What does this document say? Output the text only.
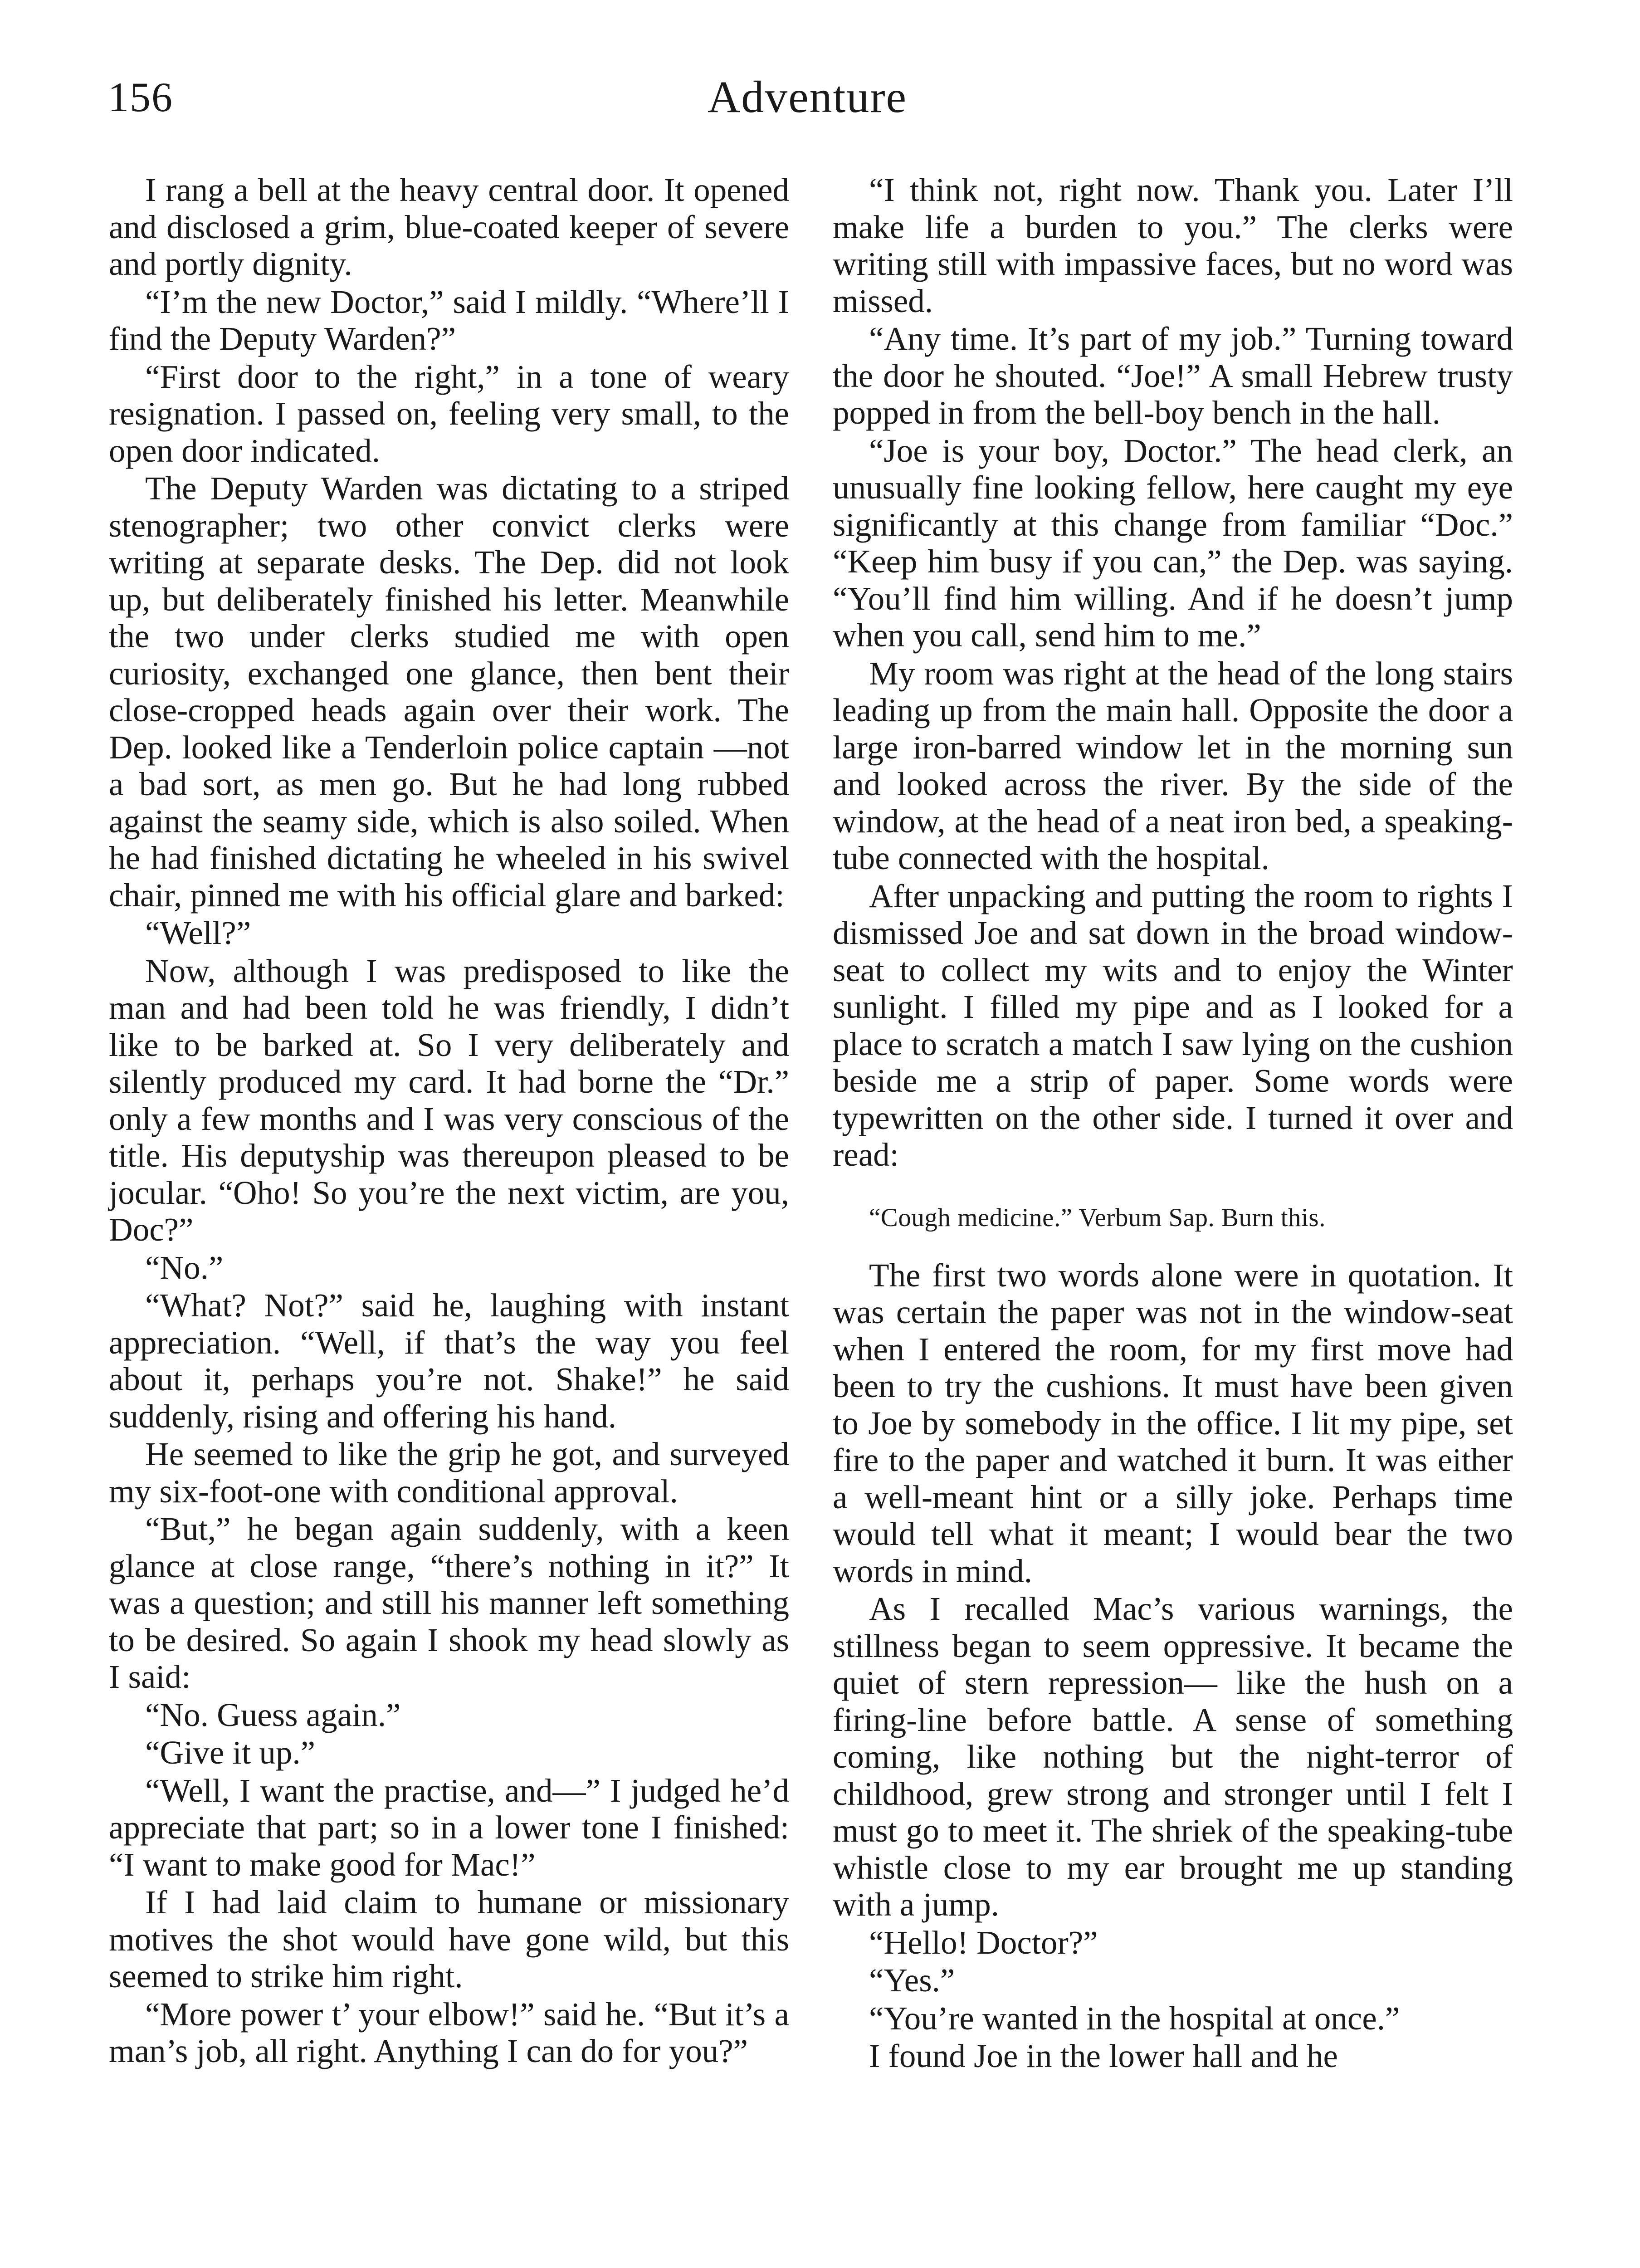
156	Adventure

I rang a bell at the heavy central door. It opened and disclosed a grim, blue-coated keeper of severe and portly dignity.

“I’m the new Doctor,” said I mildly. “Where’ll I find the Deputy Warden?”

“First door to the right,” in a tone of weary resignation. I passed on, feeling very small, to the open door indicated.

The Deputy Warden was dictating to a striped stenographer; two other convict clerks were writing at separate desks. The Dep. did not look up, but deliberately finished his letter. Meanwhile the two under clerks studied me with open curiosity, exchanged one glance, then bent their close-cropped heads again over their work. The Dep. looked like a Tenderloin police captain —not a bad sort, as men go. But he had long rubbed against the seamy side, which is also soiled. When he had finished dictating he wheeled in his swivel chair, pinned me with his official glare and barked:

“Well?”

Now, although I was predisposed to like the man and had been told he was friendly, I didn’t like to be barked at. So I very deliberately and silently produced my card. It had borne the “Dr.” only a few months and I was very conscious of the title. His deputyship was thereupon pleased to be jocular. “Oho! So you’re the next victim, are you, Doc?”

“No.”

“What? Not?” said he, laughing with instant appreciation. “Well, if that’s the way you feel about it, perhaps you’re not. Shake!” he said suddenly, rising and offering his hand.

He seemed to like the grip he got, and surveyed my six-foot-one with conditional approval.

“But,” he began again suddenly, with a keen glance at close range, “there’s nothing in it?” It was a question; and still his manner left something to be desired. So again I shook my head slowly as I said:

“No. Guess again.”

“Give it up.”

“Well, I want the practise, and—” I judged he’d appreciate that part; so in a lower tone I finished: “I want to make good for Mac!”

If I had laid claim to humane or missionary motives the shot would have gone wild, but this seemed to strike him right.

“More power t’ your elbow!” said he. “But it’s a man’s job, all right. Anything I can do for you?”

“I think not, right now. Thank you. Later I’ll make life a burden to you.” The clerks were writing still with impassive faces, but no word was missed.

“Any time. It’s part of my job.” Turning toward the door he shouted. “Joe!” A small Hebrew trusty popped in from the bell-boy bench in the hall.

“Joe is your boy, Doctor.” The head clerk, an unusually fine looking fellow, here caught my eye significantly at this change from familiar “Doc.” “Keep him busy if you can,” the Dep. was saying. “You’ll find him willing. And if he doesn’t jump when you call, send him to me.”

My room was right at the head of the long stairs leading up from the main hall. Opposite the door a large iron-barred window let in the morning sun and looked across the river. By the side of the window, at the head of a neat iron bed, a speaking-tube connected with the hospital.

After unpacking and putting the room to rights I dismissed Joe and sat down in the broad window-seat to collect my wits and to enjoy the Winter sunlight. I filled my pipe and as I looked for a place to scratch a match I saw lying on the cushion beside me a strip of paper. Some words were typewritten on the other side. I turned it over and read:

“Cough medicine.” Verbum Sap. Burn this.

The first two words alone were in quotation. It was certain the paper was not in the window-seat when I entered the room, for my first move had been to try the cushions. It must have been given to Joe by somebody in the office. I lit my pipe, set fire to the paper and watched it burn. It was either a well-meant hint or a silly joke. Perhaps time would tell what it meant; I would bear the two words in mind.

As I recalled Mac’s various warnings, the stillness began to seem oppressive. It became the quiet of stern repression— like the hush on a firing-line before battle. A sense of something coming, like nothing but the night-terror of childhood, grew strong and stronger until I felt I must go to meet it. The shriek of the speaking-tube whistle close to my ear brought me up standing with a jump.

“Hello! Doctor?”

“Yes.”

“You’re wanted in the hospital at once.”

I found Joe in the lower hall and he
